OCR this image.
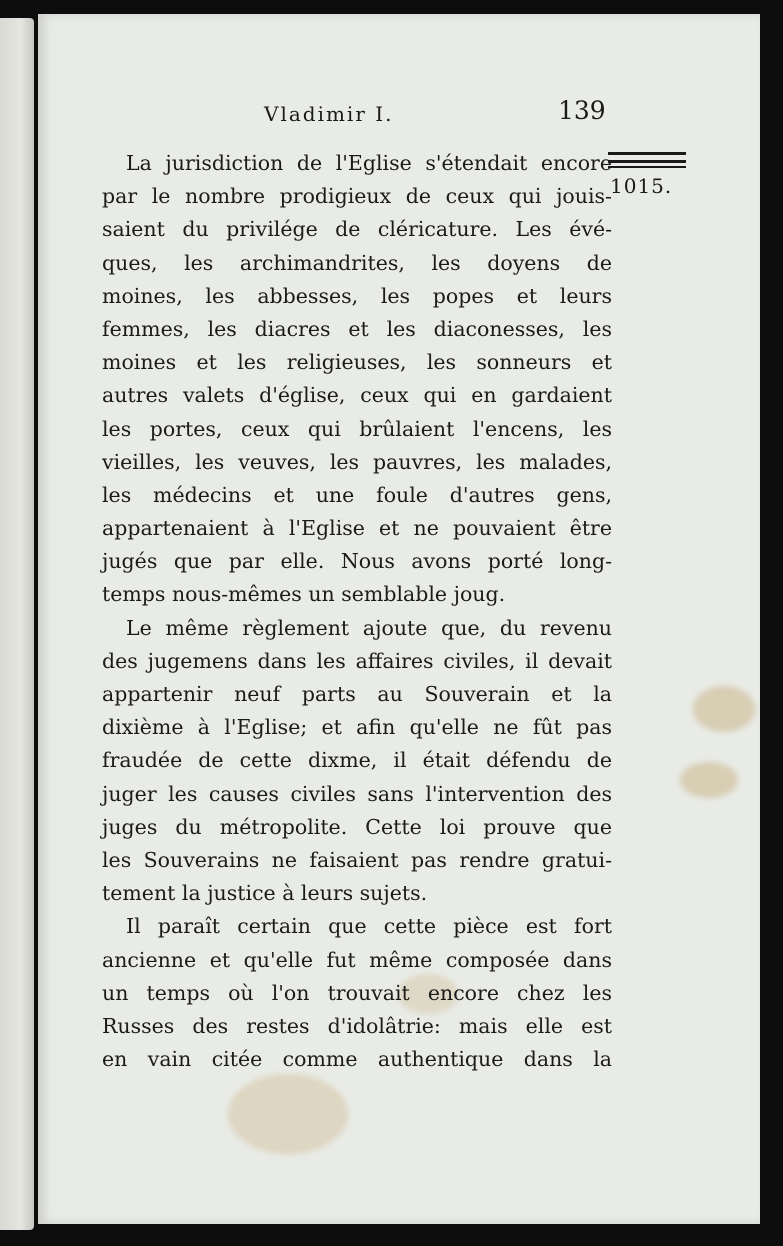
Vladimir I.	139
1015.
La jurisdiction de l'Eglise s'étendait encore
par le nombre prodigieux de ceux qui jouis-
saient du privilége de cléricature. Les évé-
ques, les archimandrites, les doyens de
moines, les abbesses, les popes et leurs
femmes, les diacres et les diaconesses, les
moines et les religieuses, les sonneurs et
autres valets d'église, ceux qui en gardaient
les portes, ceux qui brûlaient l'encens, les
vieilles, les veuves, les pauvres, les malades,
les médecins et une foule d'autres gens,
appartenaient à l'Eglise et ne pouvaient être
jugés que par elle. Nous avons porté long-
temps nous-mêmes un semblable joug.
Le même règlement ajoute que, du revenu
des jugemens dans les affaires civiles, il devait
appartenir neuf parts au Souverain et la
dixième à l'Eglise; et afin qu'elle ne fût pas
fraudée de cette dixme, il était défendu de
juger les causes civiles sans l'intervention des
juges du métropolite. Cette loi prouve que
les Souverains ne faisaient pas rendre gratui-
tement la justice à leurs sujets.
Il paraît certain que cette pièce est fort
ancienne et qu'elle fut même composée dans
un temps où l'on trouvait encore chez les
Russes des restes d'idolâtrie: mais elle est
en vain citée comme authentique dans la
